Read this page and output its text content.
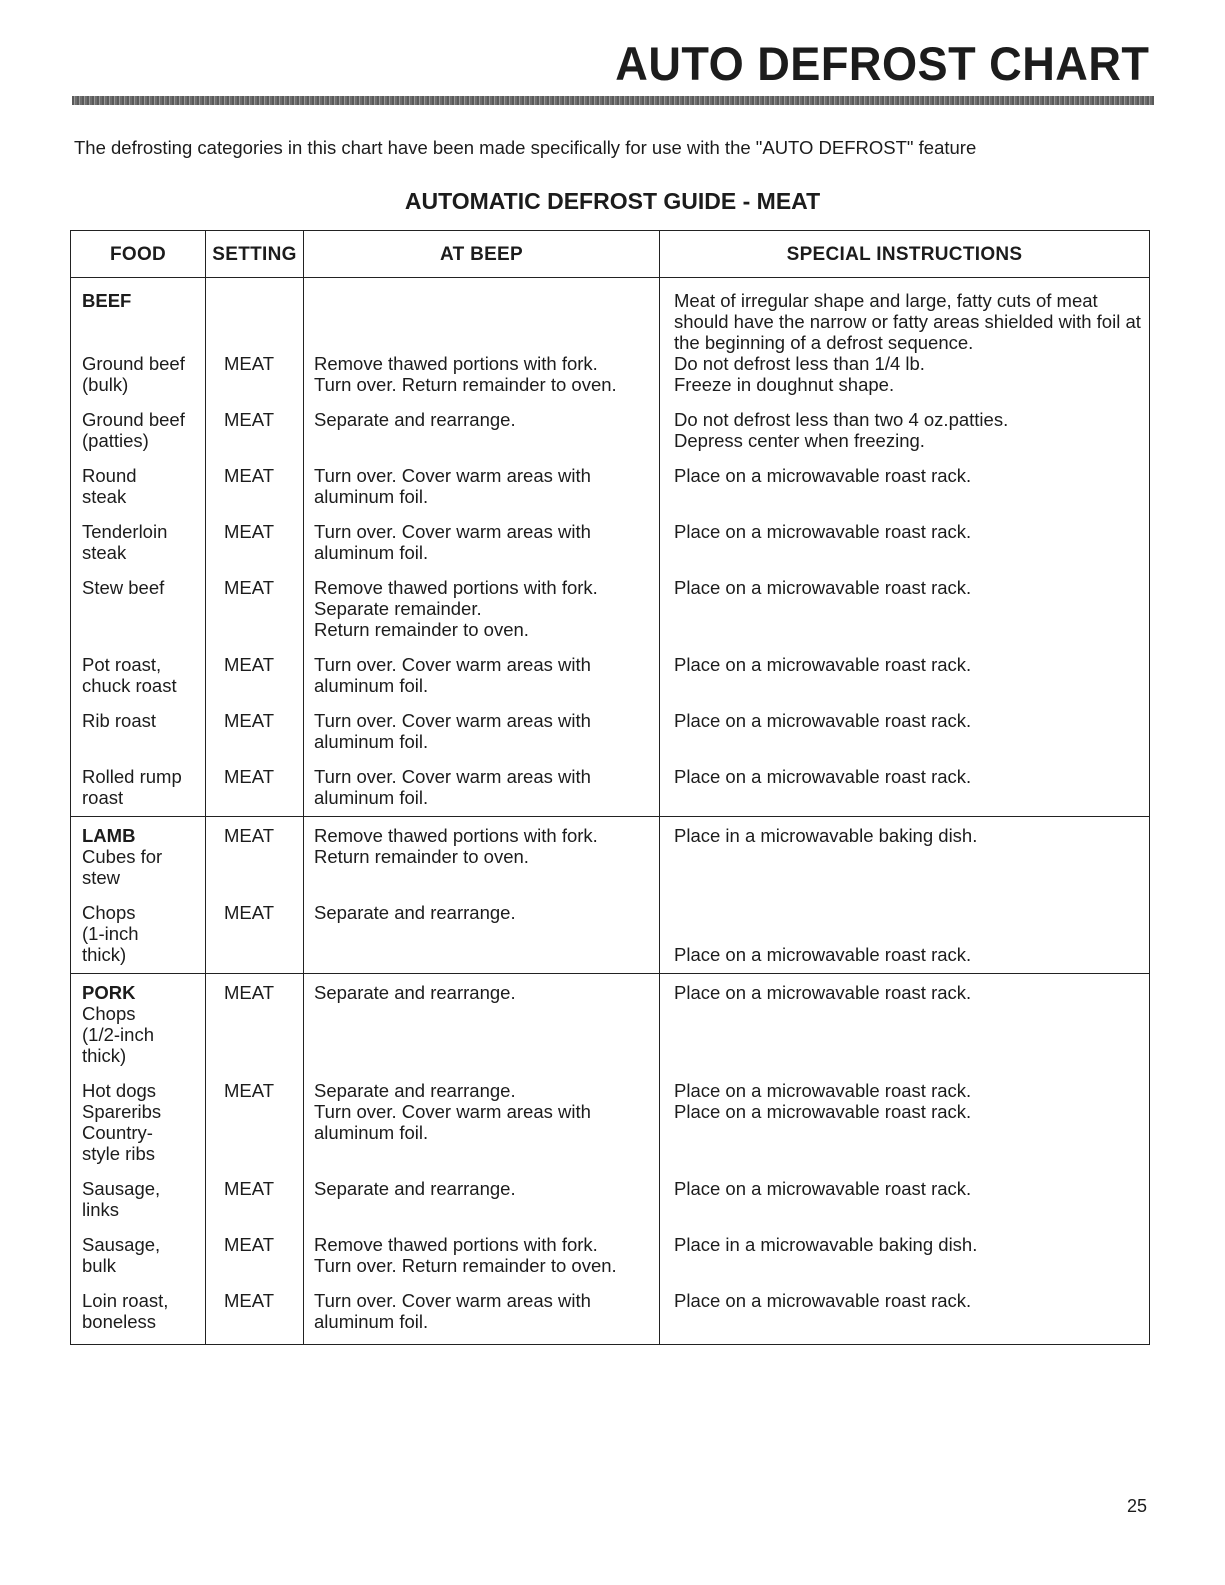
AUTO DEFROST CHART

The defrosting categories in this chart have been made specifically for use with the "AUTO DEFROST" feature

AUTOMATIC DEFROST GUIDE - MEAT
FOOD	SETTING	AT BEEP	SPECIAL INSTRUCTIONS

BEEF			Meat of irregular shape and large, fatty cuts of meat should have the narrow or fatty areas shielded with foil at the beginning of a defrost sequence.
Ground beef
(bulk)	MEAT	Remove thawed portions with fork.
Turn over. Return remainder to oven.	Do not defrost less than 1/4 lb.
Freeze in doughnut shape.
Ground beef
(patties)	MEAT	Separate and rearrange.	Do not defrost less than two 4 oz.patties.
Depress center when freezing.
Round
steak	MEAT	Turn over. Cover warm areas with
aluminum foil.	Place on a microwavable roast rack.
Tenderloin
steak	MEAT	Turn over. Cover warm areas with
aluminum foil.	Place on a microwavable roast rack.
Stew beef	MEAT	Remove thawed portions with fork.
Separate remainder.
Return remainder to oven.	Place on a microwavable roast rack.
Pot roast,
chuck roast	MEAT	Turn over. Cover warm areas with
aluminum foil.	Place on a microwavable roast rack.
Rib roast	MEAT	Turn over. Cover warm areas with
aluminum foil.	Place on a microwavable roast rack.
Rolled rump
roast	MEAT	Turn over. Cover warm areas with
aluminum foil.	Place on a microwavable roast rack.

LAMB
Cubes for
stew	MEAT	Remove thawed portions with fork.
Return remainder to oven.	Place in a microwavable baking dish.
Chops
(1-inch
thick)	MEAT	Separate and rearrange.	

Place on a microwavable roast rack.

PORK
Chops
(1/2-inch
thick)	MEAT	Separate and rearrange.	Place on a microwavable roast rack.
Hot dogs
Spareribs
Country-
style ribs	MEAT	Separate and rearrange.
Turn over. Cover warm areas with
aluminum foil.	Place on a microwavable roast rack.
Place on a microwavable roast rack.
Sausage,
links	MEAT	Separate and rearrange.	Place on a microwavable roast rack.
Sausage,
bulk	MEAT	Remove thawed portions with fork.
Turn over. Return remainder to oven.	Place in a microwavable baking dish.
Loin roast,
boneless	MEAT	Turn over. Cover warm areas with
aluminum foil.	Place on a microwavable roast rack.

25
